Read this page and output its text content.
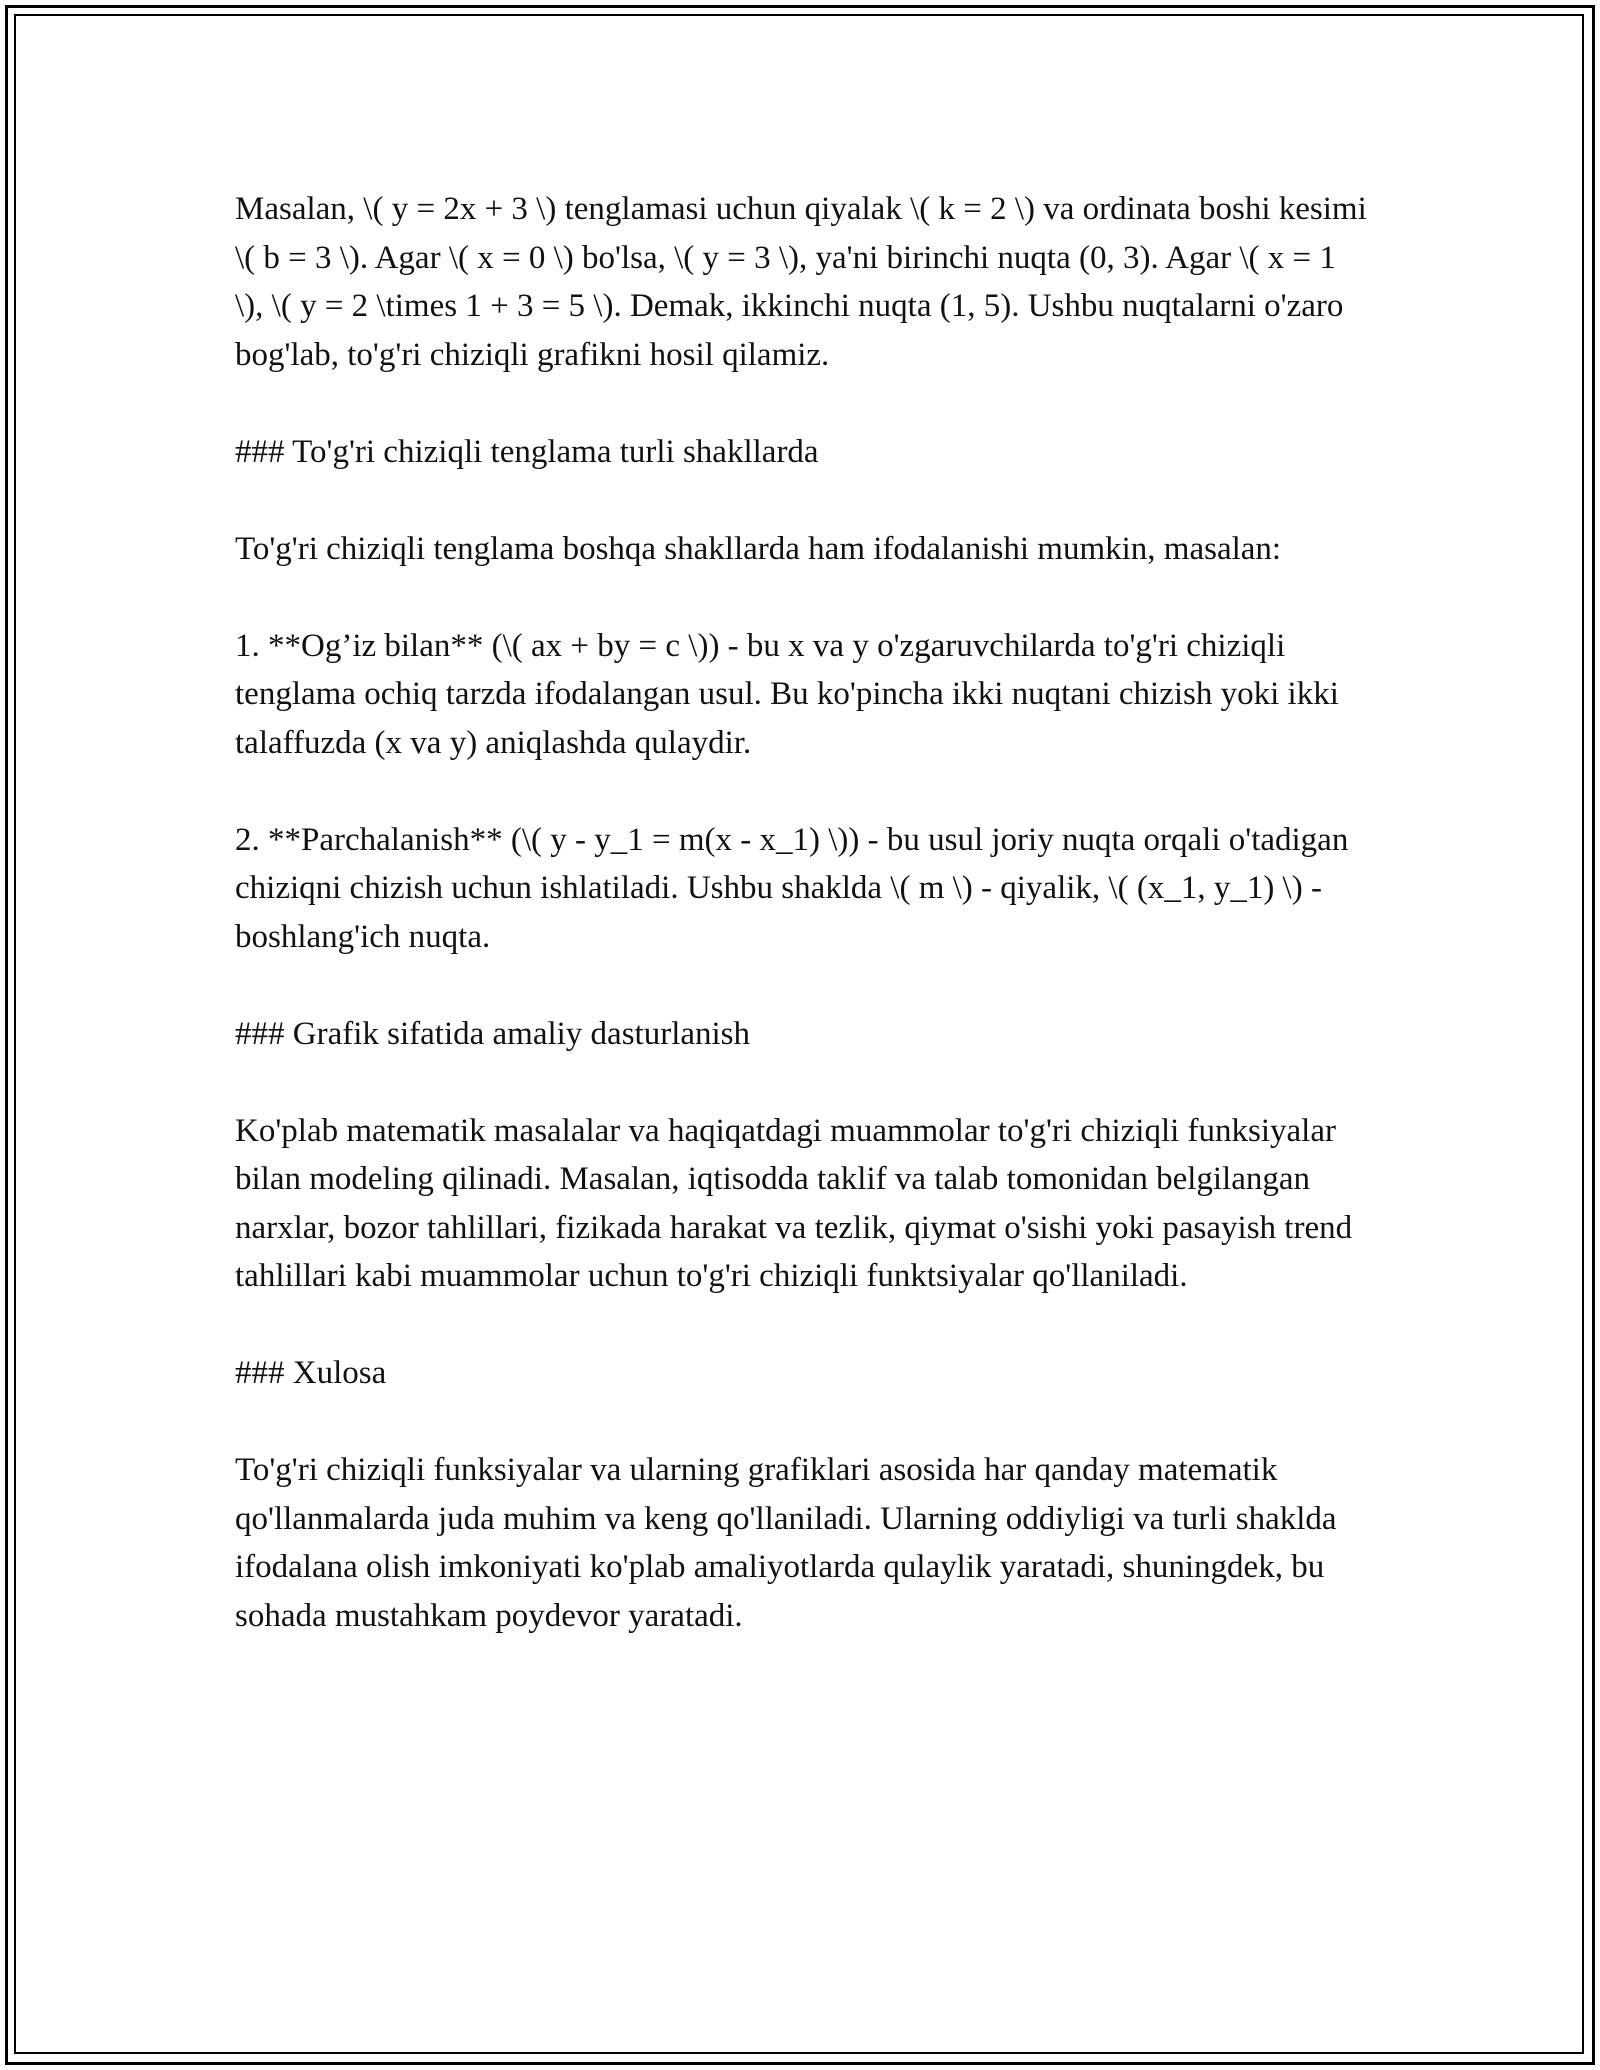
Masalan, \( y = 2x + 3 \) tenglamasi uchun qiyalak \( k = 2 \) va ordinata boshi kesimi \( b = 3 \). Agar \( x = 0 \) bo'lsa, \( y = 3 \), ya'ni birinchi nuqta (0, 3). Agar \( x = 1 \), \( y = 2 \times 1 + 3 = 5 \). Demak, ikkinchi nuqta (1, 5). Ushbu nuqtalarni o'zaro bog'lab, to'g'ri chiziqli grafikni hosil qilamiz.
### To'g'ri chiziqli tenglama turli shakllarda
To'g'ri chiziqli tenglama boshqa shakllarda ham ifodalanishi mumkin, masalan:
1. **Og’iz bilan** (\( ax + by = c \)) - bu x va y o'zgaruvchilarda to'g'ri chiziqli tenglama ochiq tarzda ifodalangan usul. Bu ko'pincha ikki nuqtani chizish yoki ikki talaffuzda (x va y) aniqlashda qulaydir.
2. **Parchalanish** (\( y - y_1 = m(x - x_1) \)) - bu usul joriy nuqta orqali o'tadigan chiziqni chizish uchun ishlatiladi. Ushbu shaklda \( m \) - qiyalik, \( (x_1, y_1) \) - boshlang'ich nuqta.
### Grafik sifatida amaliy dasturlanish
Ko'plab matematik masalalar va haqiqatdagi muammolar to'g'ri chiziqli funksiyalar bilan modeling qilinadi. Masalan, iqtisodda taklif va talab tomonidan belgilangan narxlar, bozor tahlillari, fizikada harakat va tezlik, qiymat o'sishi yoki pasayish trend tahlillari kabi muammolar uchun to'g'ri chiziqli funktsiyalar qo'llaniladi.
### Xulosa
To'g'ri chiziqli funksiyalar va ularning grafiklari asosida har qanday matematik qo'llanmalarda juda muhim va keng qo'llaniladi. Ularning oddiyligi va turli shaklda ifodalana olish imkoniyati ko'plab amaliyotlarda qulaylik yaratadi, shuningdek, bu sohada mustahkam poydevor yaratadi.
